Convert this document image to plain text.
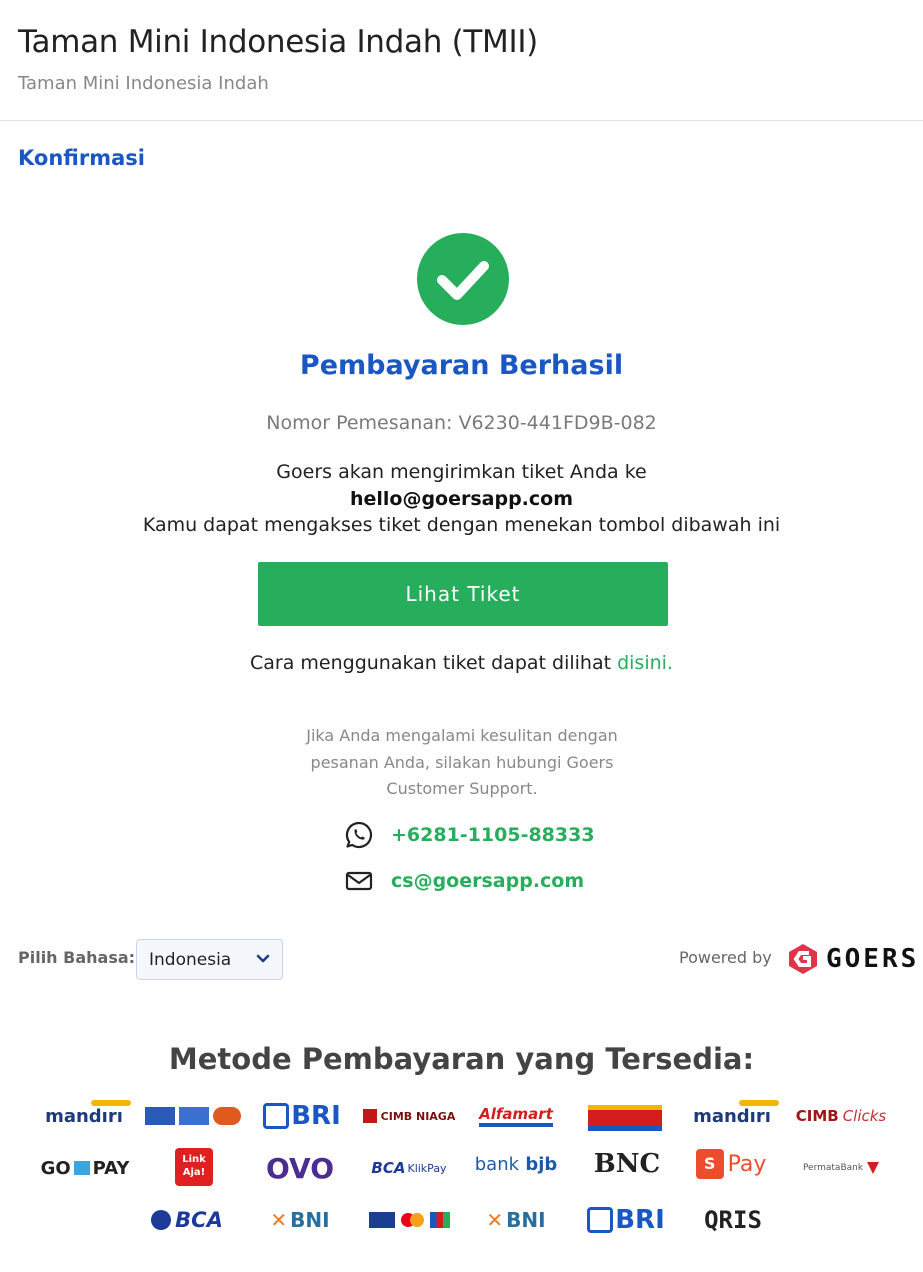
Taman Mini Indonesia Indah (TMII)
Taman Mini Indonesia Indah
Konfirmasi
Pembayaran Berhasil
Nomor Pemesanan: V6230-441FD9B-082
Goers akan mengirimkan tiket Anda ke
hello@goersapp.com
Kamu dapat mengakses tiket dengan menekan tombol dibawah ini
Lihat Tiket
Cara menggunakan tiket dapat dilihat disini.
Jika Anda mengalami kesulitan dengan pesanan Anda, silakan hubungi Goers Customer Support.
+6281-1105-88333
cs@goersapp.com
Pilih Bahasa: Indonesia	Powered by GOERS
Metode Pembayaran yang Tersedia:
mandırı	BRI	CIMB NIAGA Alfamart	mandırı CIMB Clicks
GO PAY	Link
Aja! OVO	BCA KlikPay bank bjb BNC	S Pay	PermataBank
BCA ✕ BNI	✕ BNI	BRI	QRIS
